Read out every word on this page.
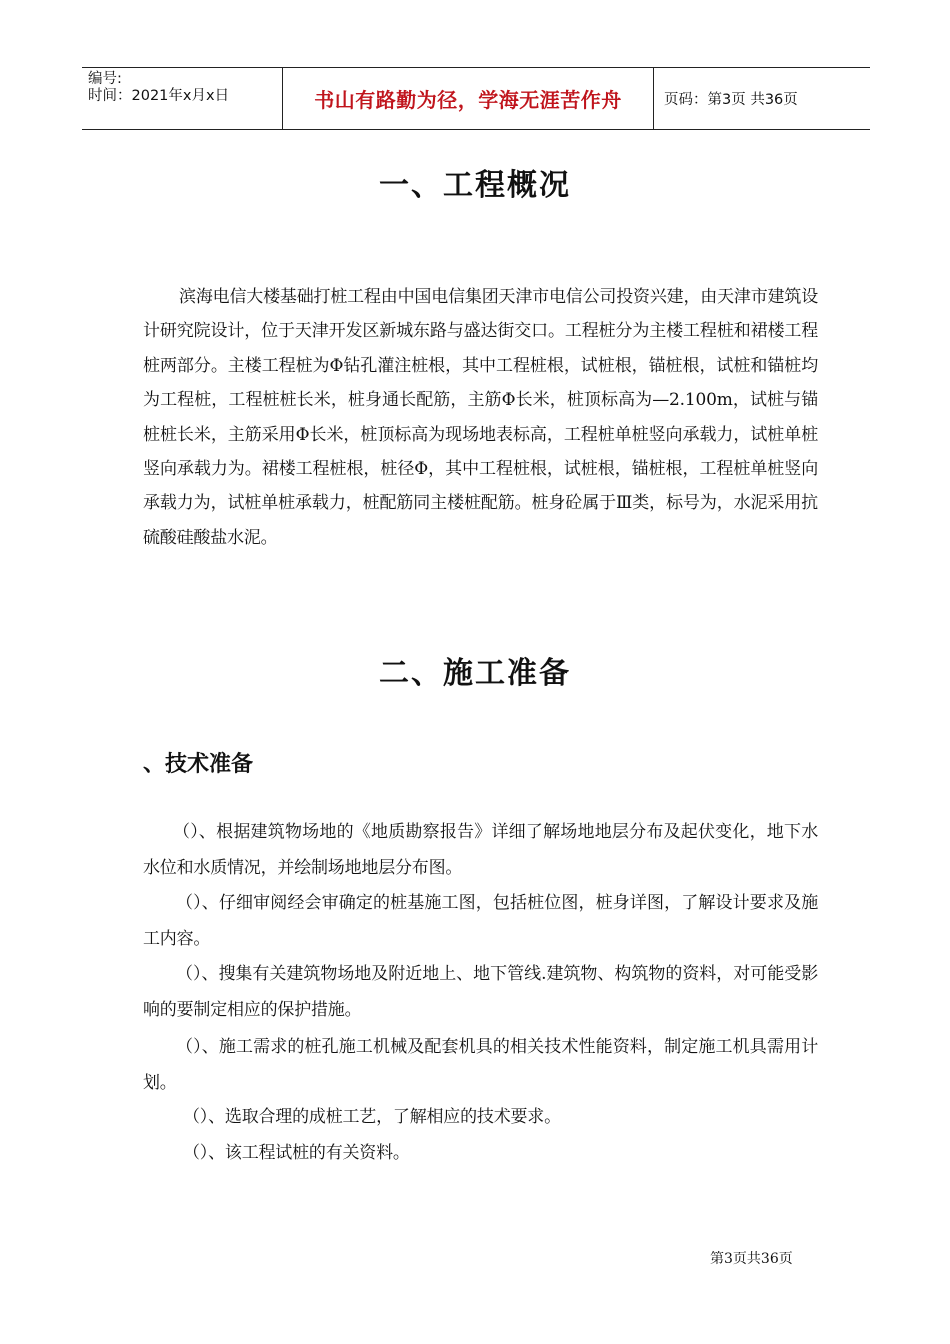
编号:
时间：2021年x月x日	书山有路勤为径，学海无涯苦作舟	页码：第3页 共36页
一、工程概况

滨海电信大楼基础打桩工程由中国电信集团天津市电信公司投资兴建，由天津市建筑设计研究院设计，位于天津开发区新城东路与盛达街交口。工程桩分为主楼工程桩和裙楼工程桩两部分。主楼工程桩为Φ钻孔灌注桩根，其中工程桩根，试桩根，锚桩根，试桩和锚桩均为工程桩，工程桩桩长米，桩身通长配筋，主筋Φ长米，桩顶标高为—2.100m，试桩与锚桩桩长米，主筋采用Φ长米，桩顶标高为现场地表标高，工程桩单桩竖向承载力，试桩单桩竖向承载力为。裙楼工程桩根，桩径Φ，其中工程桩根，试桩根，锚桩根，工程桩单桩竖向承载力为，试桩单桩承载力，桩配筋同主楼桩配筋。桩身砼属于Ⅲ类，标号为，水泥采用抗硫酸硅酸盐水泥。

二、施工准备
、技术准备

（）、根据建筑物场地的《地质勘察报告》详细了解场地地层分布及起伏变化，地下水水位和水质情况，并绘制场地地层分布图。

（）、仔细审阅经会审确定的桩基施工图，包括桩位图，桩身详图，了解设计要求及施工内容。

（）、搜集有关建筑物场地及附近地上、地下管线.建筑物、构筑物的资料，对可能受影响的要制定相应的保护措施。

（）、施工需求的桩孔施工机械及配套机具的相关技术性能资料，制定施工机具需用计划。

（）、选取合理的成桩工艺，了解相应的技术要求。

（）、该工程试桩的有关资料。

第3页共36页
